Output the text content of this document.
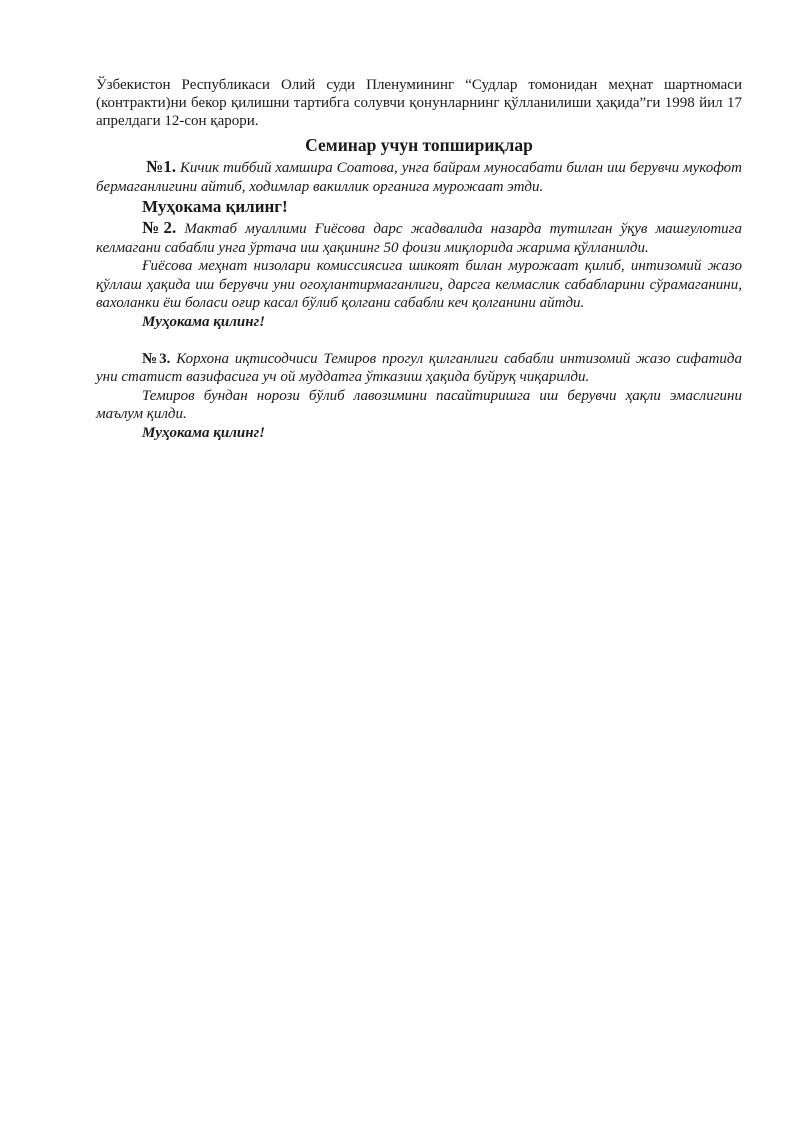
Ўзбекистон Республикаси Олий суди Пленумининг “Судлар томонидан меҳнат шартномаси (контракти)ни бекор қилишни тартибга солувчи қонунларнинг қўлланилиши ҳақида”ги 1998 йил 17 апрелдаги 12-сон қарори.

Семинар учун топшириқлар

№1. Кичик тиббий хамшира Соатова, унга байрам муносабати билан иш берувчи мукофот бермаганлигини айтиб, ходимлар вакиллик органига мурожаат этди.

Муҳокама қилинг!

№2. Мактаб муаллими Ғиёсова дарс жадвалида назарда тутилган ўқув машғулотига келмагани сабабли унга ўртача иш ҳақининг 50 фоизи миқлорида жарима қўлланилди.

Ғиёсова меҳнат низолари комиссиясига шикоят билан мурожаат қилиб, интизомий жазо қўллаш ҳақида иш берувчи уни огоҳлантирмаганлиги, дарсга келмаслик сабабларини сўрамаганини, вахоланки ёш боласи оғир касал бўлиб қолгани сабабли кеч қолганини айтди.

Муҳокама қилинг!

№3. Корхона иқтисодчиси Темиров прогул қилганлиги сабабли интизомий жазо сифатида уни статист вазифасига уч ой муддатга ўтказиш ҳақида буйруқ чиқарилди.

Темиров бундан норози бўлиб лавозимини пасайтиришга иш берувчи ҳақли эмаслигини маълум қилди.

Муҳокама қилинг!
